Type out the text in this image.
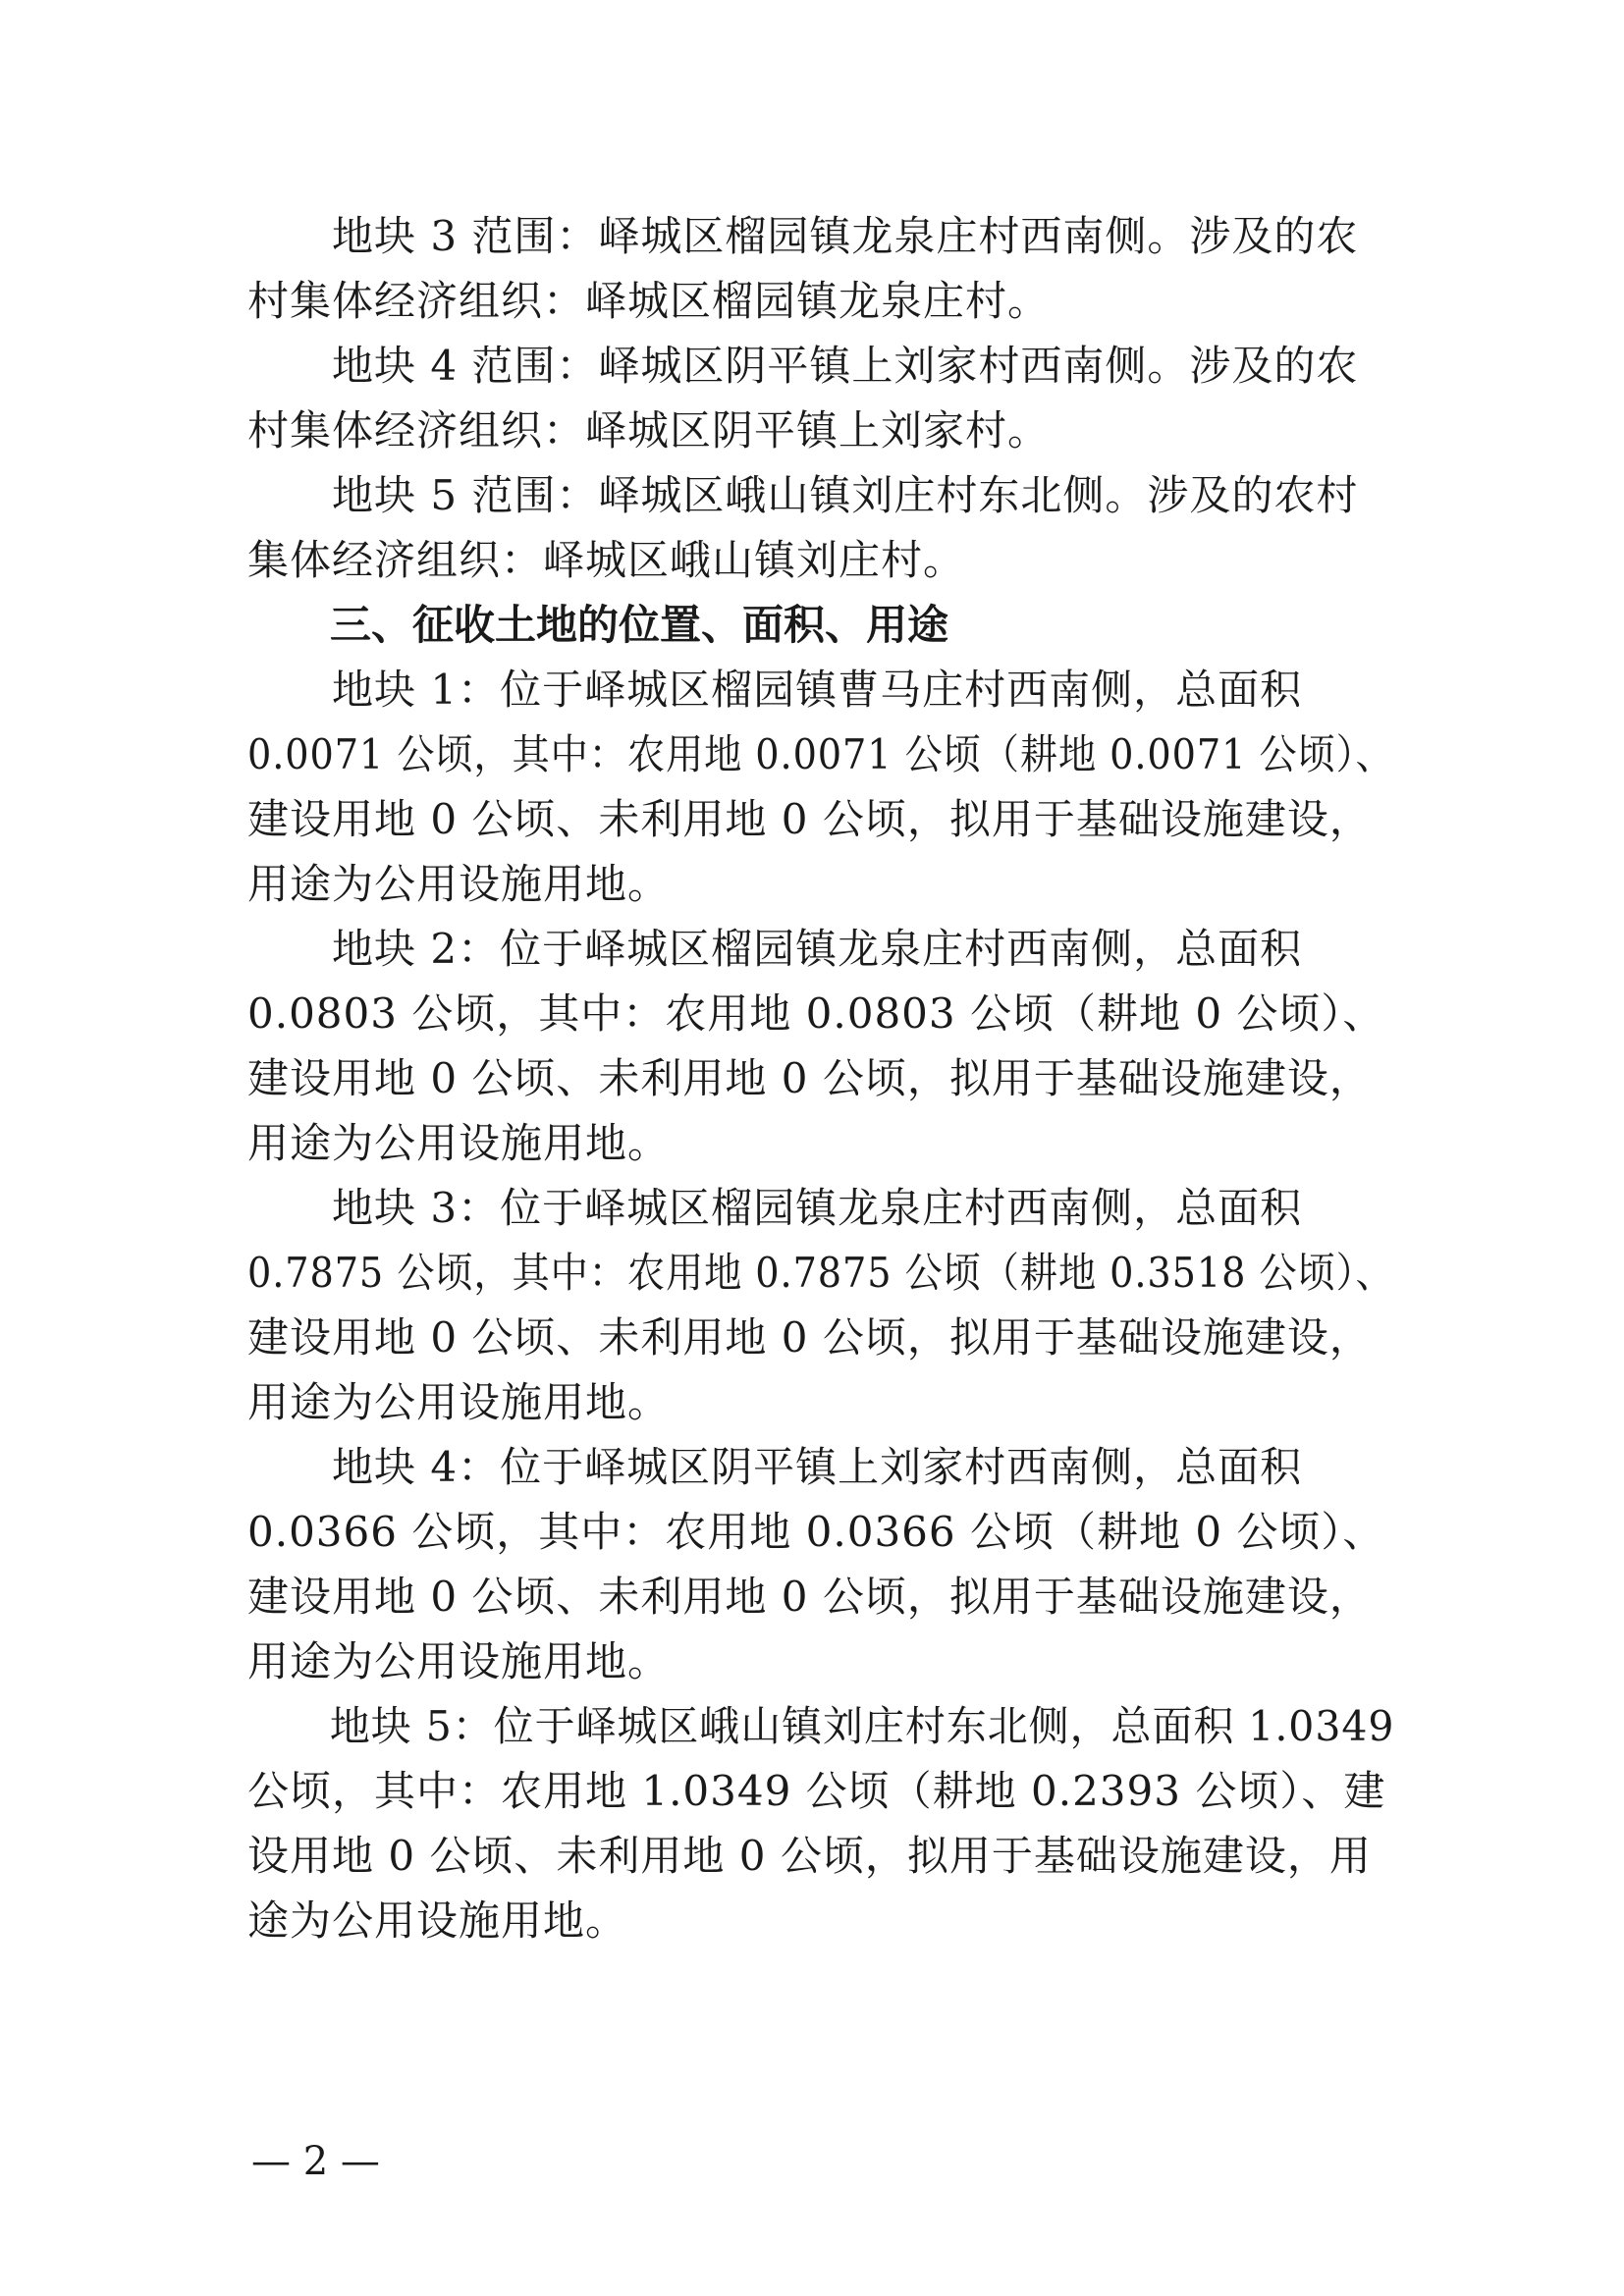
　　地块 3 范围：峄城区榴园镇龙泉庄村西南侧。涉及的农
村集体经济组织：峄城区榴园镇龙泉庄村。
　　地块 4 范围：峄城区阴平镇上刘家村西南侧。涉及的农
村集体经济组织：峄城区阴平镇上刘家村。
　　地块 5 范围：峄城区峨山镇刘庄村东北侧。涉及的农村
集体经济组织：峄城区峨山镇刘庄村。
　　三、征收土地的位置、面积、用途
　　地块 1：位于峄城区榴园镇曹马庄村西南侧，总面积
0.0071 公顷，其中：农用地 0.0071 公顷（耕地 0.0071 公顷）、
建设用地 0 公顷、未利用地 0 公顷，拟用于基础设施建设，
用途为公用设施用地。
　　地块 2：位于峄城区榴园镇龙泉庄村西南侧，总面积
0.0803 公顷，其中：农用地 0.0803 公顷（耕地 0 公顷）、
建设用地 0 公顷、未利用地 0 公顷，拟用于基础设施建设，
用途为公用设施用地。
　　地块 3：位于峄城区榴园镇龙泉庄村西南侧，总面积
0.7875 公顷，其中：农用地 0.7875 公顷（耕地 0.3518 公顷）、
建设用地 0 公顷、未利用地 0 公顷，拟用于基础设施建设，
用途为公用设施用地。
　　地块 4：位于峄城区阴平镇上刘家村西南侧，总面积
0.0366 公顷，其中：农用地 0.0366 公顷（耕地 0 公顷）、
建设用地 0 公顷、未利用地 0 公顷，拟用于基础设施建设，
用途为公用设施用地。
　　地块 5：位于峄城区峨山镇刘庄村东北侧，总面积 1.0349
公顷，其中：农用地 1.0349 公顷（耕地 0.2393 公顷）、建
设用地 0 公顷、未利用地 0 公顷，拟用于基础设施建设，用
途为公用设施用地。
— 2 —
